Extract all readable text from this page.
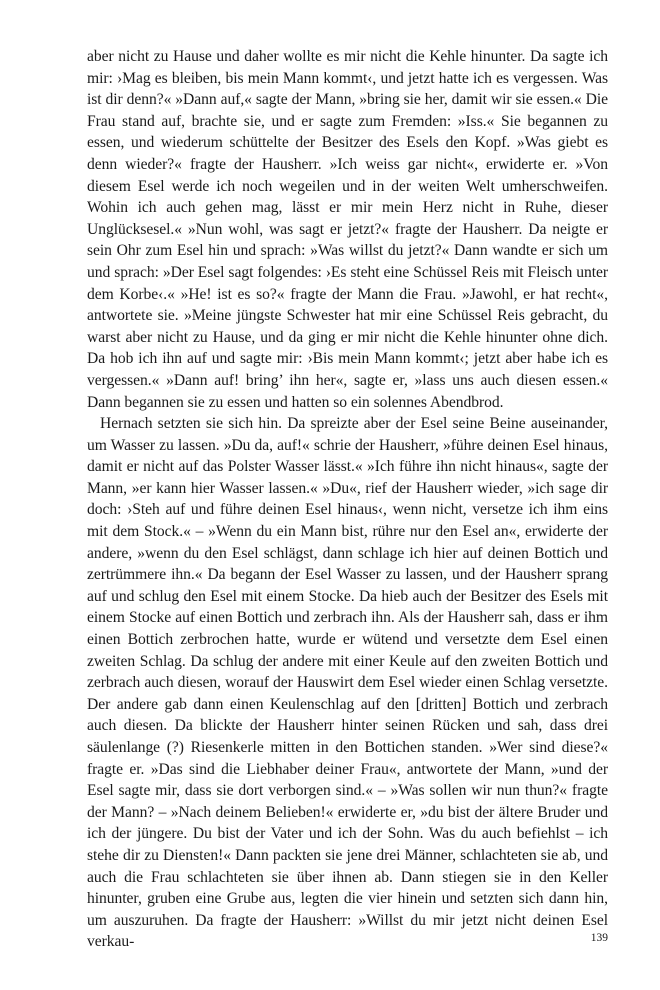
aber nicht zu Hause und daher wollte es mir nicht die Kehle hinunter. Da sagte ich mir: ›Mag es bleiben, bis mein Mann kommt‹, und jetzt hatte ich es vergessen. Was ist dir denn?« »Dann auf,« sagte der Mann, »bring sie her, damit wir sie essen.« Die Frau stand auf, brachte sie, und er sagte zum Fremden: »Iss.« Sie begannen zu essen, und wiederum schüttelte der Besitzer des Esels den Kopf. »Was giebt es denn wieder?« fragte der Hausherr. »Ich weiss gar nicht«, erwiderte er. »Von diesem Esel werde ich noch wegeilen und in der weiten Welt umherschweifen. Wohin ich auch gehen mag, lässt er mir mein Herz nicht in Ruhe, dieser Unglücksesel.« »Nun wohl, was sagt er jetzt?« fragte der Hausherr. Da neigte er sein Ohr zum Esel hin und sprach: »Was willst du jetzt?« Dann wandte er sich um und sprach: »Der Esel sagt folgendes: ›Es steht eine Schüssel Reis mit Fleisch unter dem Korbe‹.« »He! ist es so?« fragte der Mann die Frau. »Jawohl, er hat recht«, antwortete sie. »Meine jüngste Schwester hat mir eine Schüssel Reis gebracht, du warst aber nicht zu Hause, und da ging er mir nicht die Kehle hinunter ohne dich. Da hob ich ihn auf und sagte mir: ›Bis mein Mann kommt‹; jetzt aber habe ich es vergessen.« »Dann auf! bring’ ihn her«, sagte er, »lass uns auch diesen essen.« Dann begannen sie zu essen und hatten so ein solennes Abendbrod.

Hernach setzten sie sich hin. Da spreizte aber der Esel seine Beine auseinander, um Wasser zu lassen. »Du da, auf!« schrie der Hausherr, »führe deinen Esel hinaus, damit er nicht auf das Polster Wasser lässt.« »Ich führe ihn nicht hinaus«, sagte der Mann, »er kann hier Wasser lassen.« »Du«, rief der Hausherr wieder, »ich sage dir doch: ›Steh auf und führe deinen Esel hinaus‹, wenn nicht, versetze ich ihm eins mit dem Stock.« – »Wenn du ein Mann bist, rühre nur den Esel an«, erwiderte der andere, »wenn du den Esel schlägst, dann schlage ich hier auf deinen Bottich und zertrümmere ihn.« Da begann der Esel Wasser zu lassen, und der Hausherr sprang auf und schlug den Esel mit einem Stocke. Da hieb auch der Besitzer des Esels mit einem Stocke auf einen Bottich und zerbrach ihn. Als der Hausherr sah, dass er ihm einen Bottich zerbrochen hatte, wurde er wütend und versetzte dem Esel einen zweiten Schlag. Da schlug der andere mit einer Keule auf den zweiten Bottich und zerbrach auch diesen, worauf der Hauswirt dem Esel wieder einen Schlag versetzte. Der andere gab dann einen Keulenschlag auf den [dritten] Bottich und zerbrach auch diesen. Da blickte der Hausherr hinter seinen Rücken und sah, dass drei säulenlange (?) Riesenkerle mitten in den Bottichen standen. »Wer sind diese?« fragte er. »Das sind die Liebhaber deiner Frau«, antwortete der Mann, »und der Esel sagte mir, dass sie dort verborgen sind.« – »Was sollen wir nun thun?« fragte der Mann? – »Nach deinem Belieben!« erwiderte er, »du bist der ältere Bruder und ich der jüngere. Du bist der Vater und ich der Sohn. Was du auch befiehlst – ich stehe dir zu Diensten!« Dann packten sie jene drei Männer, schlachteten sie ab, und auch die Frau schlachteten sie über ihnen ab. Dann stiegen sie in den Keller hinunter, gruben eine Grube aus, legten die vier hinein und setzten sich dann hin, um auszuruhen. Da fragte der Hausherr: »Willst du mir jetzt nicht deinen Esel verkau-	139
